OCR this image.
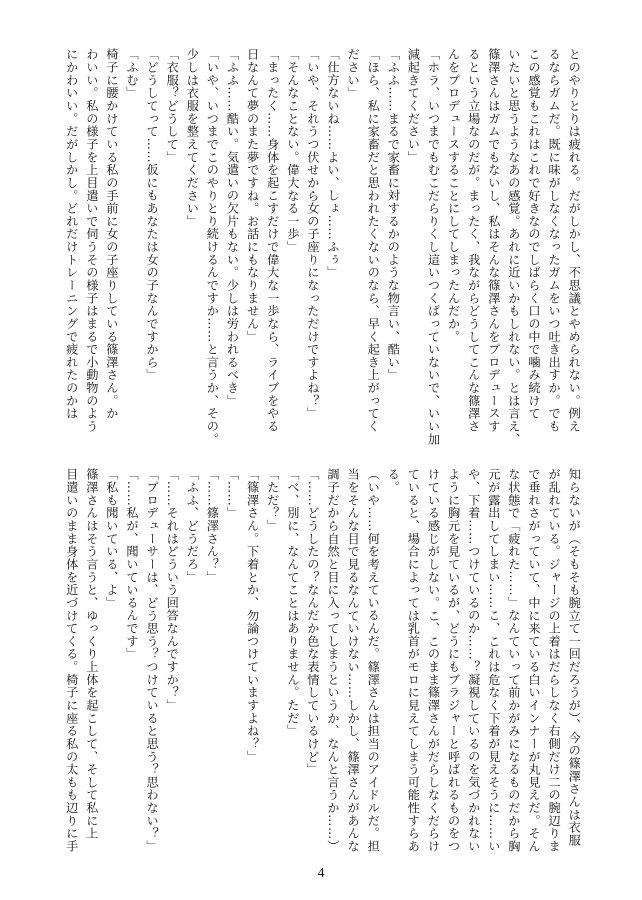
とのやりとりは疲れる。だがしかし、不思議とやめられない。例え
るならガムだ。既に味がしなくなったガムをいつ吐き出すか。でも
この感覚もこれはこれで好きなのでしばらく口の中で噛み続けて
いたいと思うようなあの感覚。あれに近いかもしれない。とは言え、
篠澤さんはガムでもないし、私はそんな篠澤さんをプロデュースす
るという立場なのだが。まったく、我ながらどうしてこんな篠澤さ
んをプロデュースすることにしてしまったんだか。
「ホラ、いつまでもむこだらりくし這いつくばっていないで、いい加
減起きてください」
「ふふ……まるで家畜に対するかのような物言い、酷い」
「ほら、私に家畜だと思われたくないのなら、早く起き上がってく
ださい」
「仕方ないね……よい、しょ……ふぅ」
「いや、それうつ伏せから女の子座りになっただけですよね？」
「そんなことない。偉大なる一歩」
「まったく……身体を起こすだけで偉大な一歩なら、ライブをやる
日なんて夢のまた夢ですね。お話にもなりません」
「ふふ……酷い。気遣いの欠片もない。少しは労われるべき」
「いや、いつまでこのやりとり続けるんですか……と言うか、その。
少しは衣服を整えてください」
「衣服？どうして」
「どうしてって……仮にもあなたは女の子なんですから」
「ふむ」
椅子に腰かけている私の手前に女の子座りしている篠澤さん。か
わいい。私の様子を上目遣いで伺うその様子はまるで小動物のよう
にかわいい。だがしかし。どれだけトレーニングで疲れたのかは
知らないが（そもそも腕立て一回だろうが）、今の篠澤さんは衣服
が乱れている。ジャージの上着はだらしなく右側だけ二の腕辺りま
で垂れさがっていて、中に来ている白いインナーが丸見えだ。そん
な状態で「疲れた……」なんていって前かがみになるものだから胸
元が露出してしまい……こ、これは危なく下着が見えそうに……い
や、下着……つけているのか……？凝視しているのを気づかれない
ように胸元を見ているが、どうにもブラジャーと呼ばれるものをつ
けている感じがしない。こ、このまま篠澤さんがだらしなくだらけ
ていると、場合によっては乳首がモロに見えてしまう可能性すらあ
る。
（いや……何を考えているんだ。篠澤さんは担当のアイドルだ。担
当をそんな目で見るなんていけない……しかし、篠澤さんがあんな
調子だから自然と目に入ってしまうというか、なんと言うか……）
「……どうしたの？なんだか色な表情しているけど」
「べ、別に、なんてことはありません。ただ」
「ただ？」
「篠澤さん。下着とか、勿論つけていますよね？」
「……」
「……篠澤さん？」
「ふふ、どうだろ」
「……それはどういう回答なんですか？」
「プロデューサーは、どう思う？つけていると思う？思わない？」
「……私が、聞いているんです」
「私も聞いている、よ」
篠澤さんはそう言うと、ゆっくり上体を起こして、そして私に上
目遣いのまま身体を近づけてくる。椅子に座る私の太もも辺りに手
4
